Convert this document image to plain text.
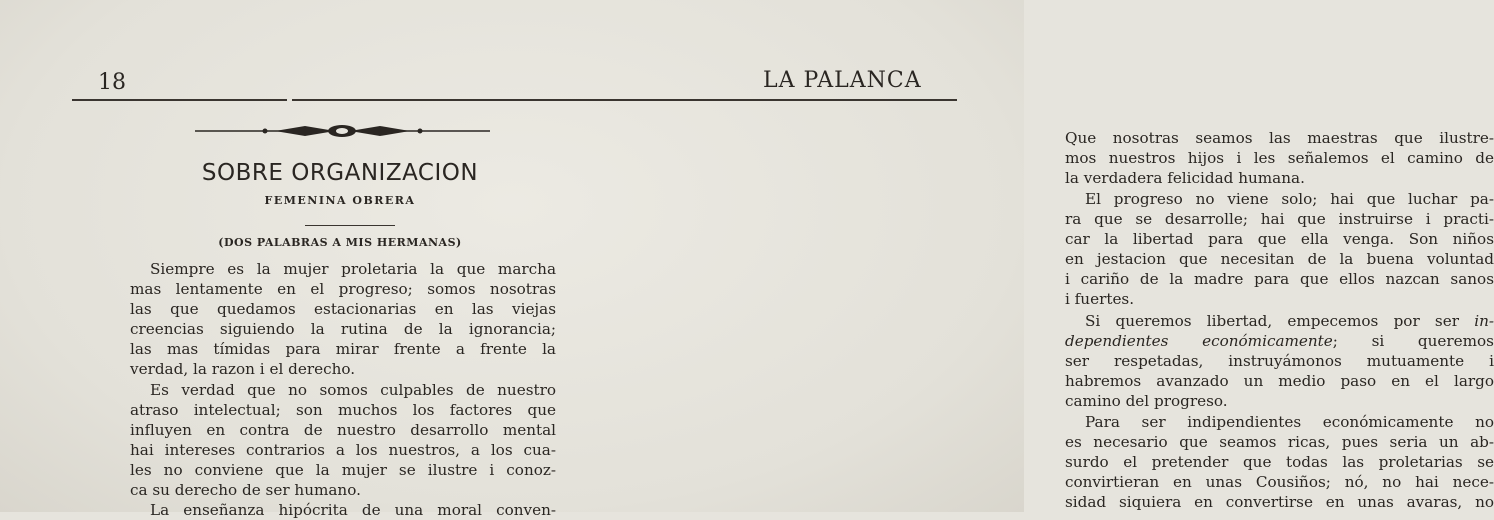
18	LA PALANCA
SOBRE ORGANIZACION
FEMENINA OBRERA
(DOS PALABRAS A MIS HERMANAS)
Siempre es la mujer proletaria la que marcha
mas lentamente en el progreso; somos nosotras
las que quedamos estacionarias en las viejas
creencias siguiendo la rutina de la ignorancia;
las mas tímidas para mirar frente a frente la
verdad, la razon i el derecho.
Es verdad que no somos culpables de nuestro
atraso intelectual; son muchos los factores que
influyen en contra de nuestro desarrollo mental
hai intereses contrarios a los nuestros, a los cua-
les no conviene que la mujer se ilustre i conoz-
ca su derecho de ser humano.
La enseñanza hipócrita de una moral conven-
Que nosotras seamos las maestras que ilustre-
mos nuestros hijos i les señalemos el camino de
la verdadera felicidad humana.
El progreso no viene solo; hai que luchar pa-
ra que se desarrolle; hai que instruirse i practi-
car la libertad para que ella venga. Son niños
en jestacion que necesitan de la buena voluntad
i cariño de la madre para que ellos nazcan sanos
i fuertes.
Si queremos libertad, empecemos por ser in-
dependientes económicamente; si queremos
ser respetadas, instruyámonos mutuamente i
habremos avanzado un medio paso en el largo
camino del progreso.
Para ser indipendientes económicamente no
es necesario que seamos ricas, pues seria un ab-
surdo el pretender que todas las proletarias se
convirtieran en unas Cousiños; nó, no hai nece-
sidad siquiera en convertirse en unas avaras, no
